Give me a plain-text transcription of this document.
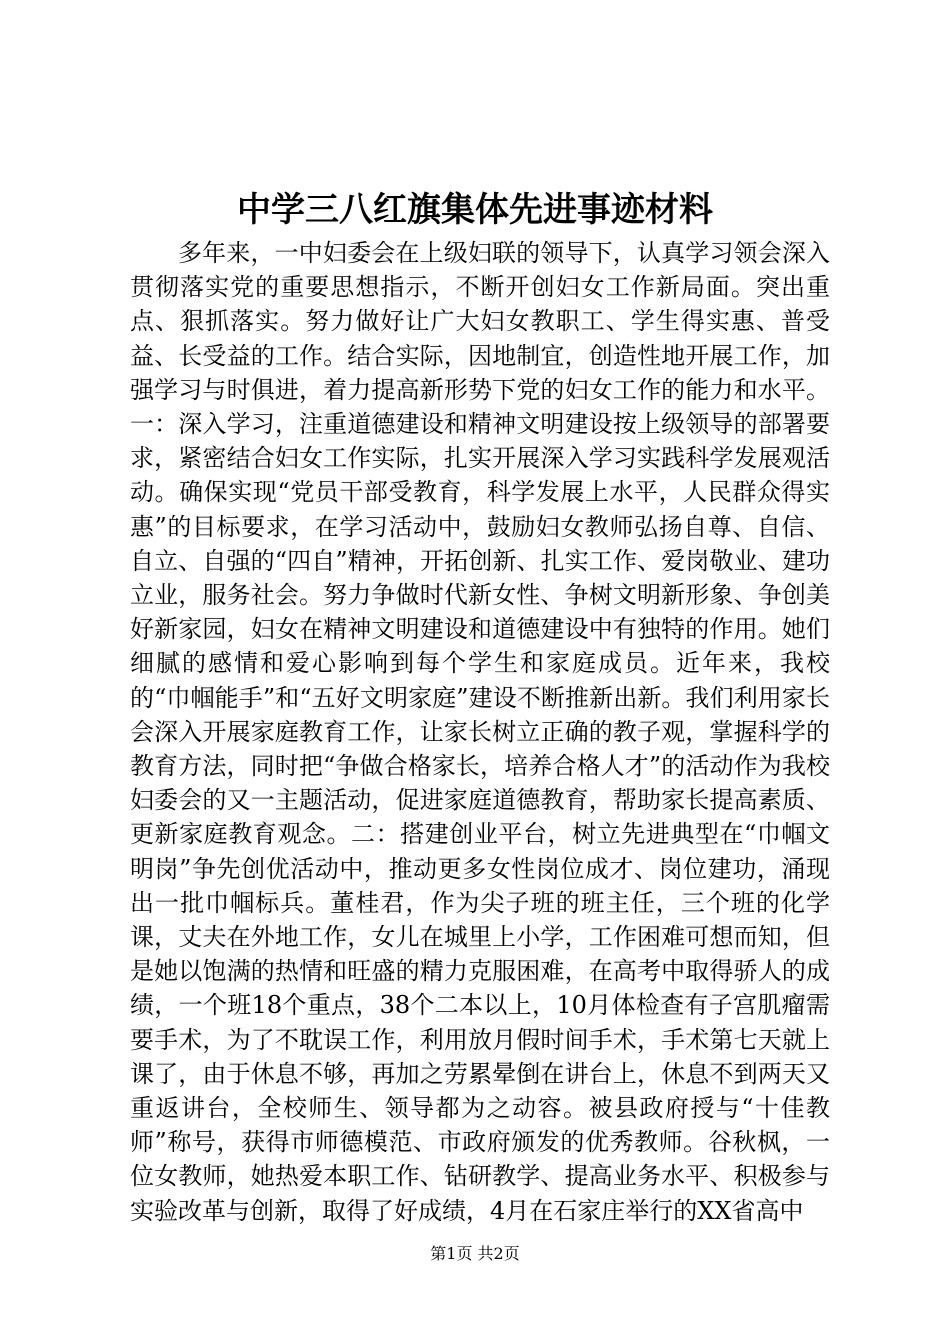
中学三八红旗集体先进事迹材料

多年来，一中妇委会在上级妇联的领导下，认真学习领会深入贯彻落实党的重要思想指示，不断开创妇女工作新局面。突出重点、狠抓落实。努力做好让广大妇女教职工、学生得实惠、普受益、长受益的工作。结合实际，因地制宜，创造性地开展工作，加强学习与时俱进，着力提高新形势下党的妇女工作的能力和水平。一：深入学习，注重道德建设和精神文明建设按上级领导的部署要求，紧密结合妇女工作实际，扎实开展深入学习实践科学发展观活动。确保实现“党员干部受教育，科学发展上水平，人民群众得实惠”的目标要求，在学习活动中，鼓励妇女教师弘扬自尊、自信、自立、自强的“四自”精神，开拓创新、扎实工作、爱岗敬业、建功立业，服务社会。努力争做时代新女性、争树文明新形象、争创美好新家园，妇女在精神文明建设和道德建设中有独特的作用。她们细腻的感情和爱心影响到每个学生和家庭成员。近年来，我校的“巾帼能手”和“五好文明家庭”建设不断推新出新。我们利用家长会深入开展家庭教育工作，让家长树立正确的教子观，掌握科学的教育方法，同时把“争做合格家长，培养合格人才”的活动作为我校妇委会的又一主题活动，促进家庭道德教育，帮助家长提高素质、更新家庭教育观念。二：搭建创业平台，树立先进典型在“巾帼文明岗”争先创优活动中，推动更多女性岗位成才、岗位建功，涌现出一批巾帼标兵。董桂君，作为尖子班的班主任，三个班的化学课，丈夫在外地工作，女儿在城里上小学，工作困难可想而知，但是她以饱满的热情和旺盛的精力克服困难，在高考中取得骄人的成绩，一个班18个重点，38个二本以上，10月体检查有子宫肌瘤需要手术，为了不耽误工作，利用放月假时间手术，手术第七天就上课了，由于休息不够，再加之劳累晕倒在讲台上，休息不到两天又重返讲台，全校师生、领导都为之动容。被县政府授与“十佳教师”称号，获得市师德模范、市政府颁发的优秀教师。谷秋枫，一位女教师，她热爱本职工作、钻研教学、提高业务水平、积极参与实验改革与创新，取得了好成绩，4月在石家庄举行的XX省高中

第1页 共2页
